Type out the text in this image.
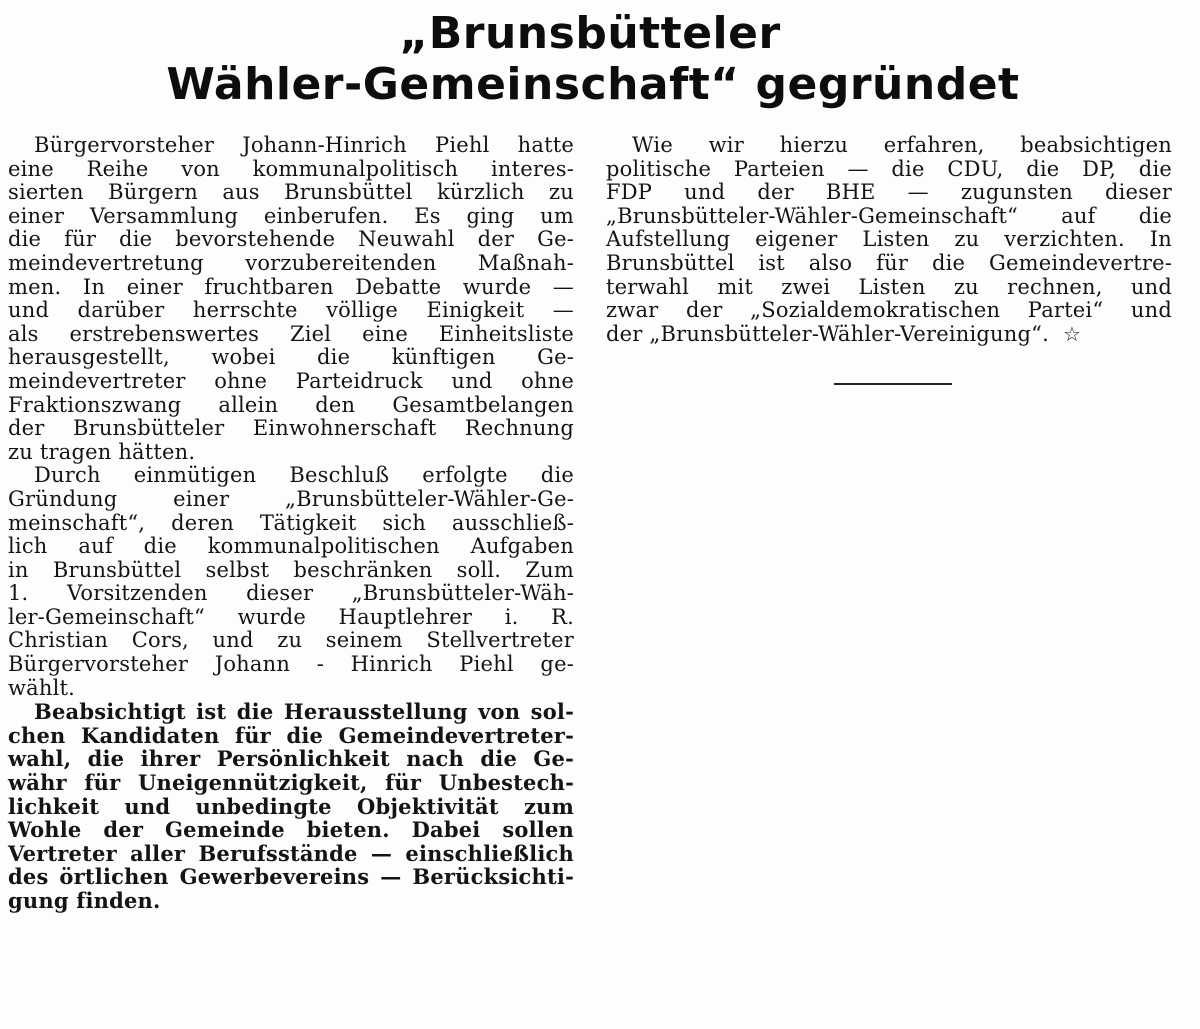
„Brunsbütteler
Wähler-Gemeinschaft“ gegründet
Bürgervorsteher Johann-Hinrich Piehl hatte
eine Reihe von kommunalpolitisch interes-
sierten Bürgern aus Brunsbüttel kürzlich zu
einer Versammlung einberufen. Es ging um
die für die bevorstehende Neuwahl der Ge-
meindevertretung vorzubereitenden Maßnah-
men. In einer fruchtbaren Debatte wurde —
und darüber herrschte völlige Einigkeit —
als erstrebenswertes Ziel eine Einheitsliste
herausgestellt, wobei die künftigen Ge-
meindevertreter ohne Parteidruck und ohne
Fraktionszwang allein den Gesamtbelangen
der Brunsbütteler Einwohnerschaft Rechnung
zu tragen hätten.
Durch einmütigen Beschluß erfolgte die
Gründung einer „Brunsbütteler-Wähler-Ge-
meinschaft“, deren Tätigkeit sich ausschließ-
lich auf die kommunalpolitischen Aufgaben
in Brunsbüttel selbst beschränken soll. Zum
1. Vorsitzenden dieser „Brunsbütteler-Wäh-
ler-Gemeinschaft“ wurde Hauptlehrer i. R.
Christian Cors, und zu seinem Stellvertreter
Bürgervorsteher Johann - Hinrich Piehl ge-
wählt.
Beabsichtigt ist die Herausstellung von sol-
chen Kandidaten für die Gemeindevertreter-
wahl, die ihrer Persönlichkeit nach die Ge-
währ für Uneigennützigkeit, für Unbestech-
lichkeit und unbedingte Objektivität zum
Wohle der Gemeinde bieten. Dabei sollen
Vertreter aller Berufsstände — einschließlich
des örtlichen Gewerbevereins — Berücksichti-
gung finden.
Wie wir hierzu erfahren, beabsichtigen
politische Parteien — die CDU, die DP, die
FDP und der BHE — zugunsten dieser
„Brunsbütteler-Wähler-Gemeinschaft“ auf die
Aufstellung eigener Listen zu verzichten. In
Brunsbüttel ist also für die Gemeindevertre-
terwahl mit zwei Listen zu rechnen, und
zwar der „Sozialdemokratischen Partei“ und
der „Brunsbütteler-Wähler-Vereinigung“. ☆
